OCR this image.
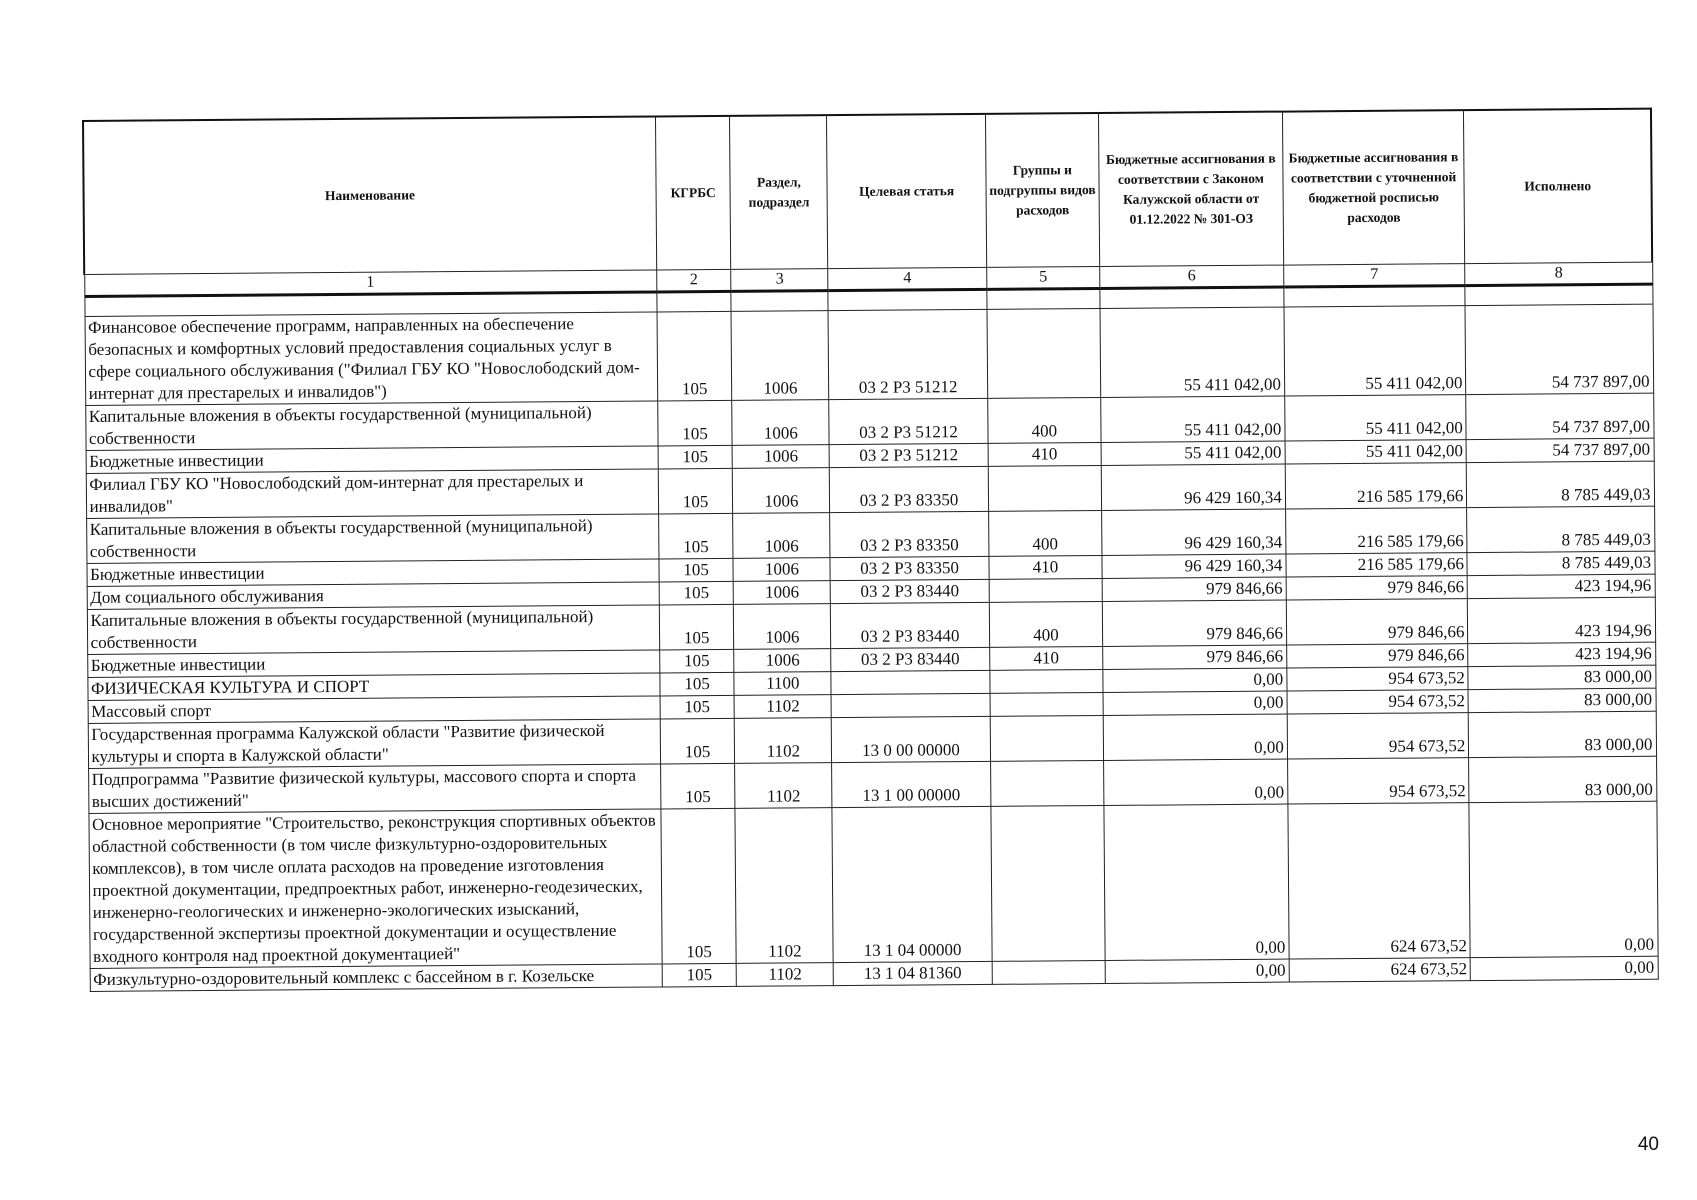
Наименование	КГРБС	Раздел, подраздел	Целевая статья	Группы и подгруппы видов расходов	Бюджетные ассигнования в соответствии с Законом Калужской области от 01.12.2022 № 301-ОЗ	Бюджетные ассигнования в соответствии с уточненной бюджетной росписью расходов	Исполнено
1	2	3	4	5	6	7	8

Финансовое обеспечение программ, направленных на обеспечение безопасных и комфортных условий предоставления социальных услуг в сфере социального обслуживания ("Филиал ГБУ КО "Новослободский дом-интернат для престарелых и инвалидов")	105	1006	03 2 P3 51212		55 411 042,00	55 411 042,00	54 737 897,00
Капитальные вложения в объекты государственной (муниципальной) собственности	105	1006	03 2 P3 51212	400	55 411 042,00	55 411 042,00	54 737 897,00
Бюджетные инвестиции	105	1006	03 2 P3 51212	410	55 411 042,00	55 411 042,00	54 737 897,00
Филиал ГБУ КО "Новослободский дом-интернат для престарелых и инвалидов"	105	1006	03 2 P3 83350		96 429 160,34	216 585 179,66	8 785 449,03
Капитальные вложения в объекты государственной (муниципальной) собственности	105	1006	03 2 P3 83350	400	96 429 160,34	216 585 179,66	8 785 449,03
Бюджетные инвестиции	105	1006	03 2 P3 83350	410	96 429 160,34	216 585 179,66	8 785 449,03
Дом социального обслуживания	105	1006	03 2 P3 83440		979 846,66	979 846,66	423 194,96
Капитальные вложения в объекты государственной (муниципальной) собственности	105	1006	03 2 P3 83440	400	979 846,66	979 846,66	423 194,96
Бюджетные инвестиции	105	1006	03 2 P3 83440	410	979 846,66	979 846,66	423 194,96
ФИЗИЧЕСКАЯ КУЛЬТУРА И СПОРТ	105	1100			0,00	954 673,52	83 000,00
Массовый спорт	105	1102			0,00	954 673,52	83 000,00
Государственная программа Калужской области "Развитие физической культуры и спорта в Калужской области"	105	1102	13 0 00 00000		0,00	954 673,52	83 000,00
Подпрограмма "Развитие физической культуры, массового спорта и спорта высших достижений"	105	1102	13 1 00 00000		0,00	954 673,52	83 000,00
Основное мероприятие "Строительство, реконструкция спортивных объектов областной собственности (в том числе физкультурно-оздоровительных комплексов), в том числе оплата расходов на проведение изготовления проектной документации, предпроектных работ, инженерно-геодезических, инженерно-геологических и инженерно-экологических изысканий, государственной экспертизы проектной документации и осуществление входного контроля над проектной документацией"	105	1102	13 1 04 00000		0,00	624 673,52	0,00
Физкультурно-оздоровительный комплекс с бассейном в г. Козельске	105	1102	13 1 04 81360		0,00	624 673,52	0,00
40
